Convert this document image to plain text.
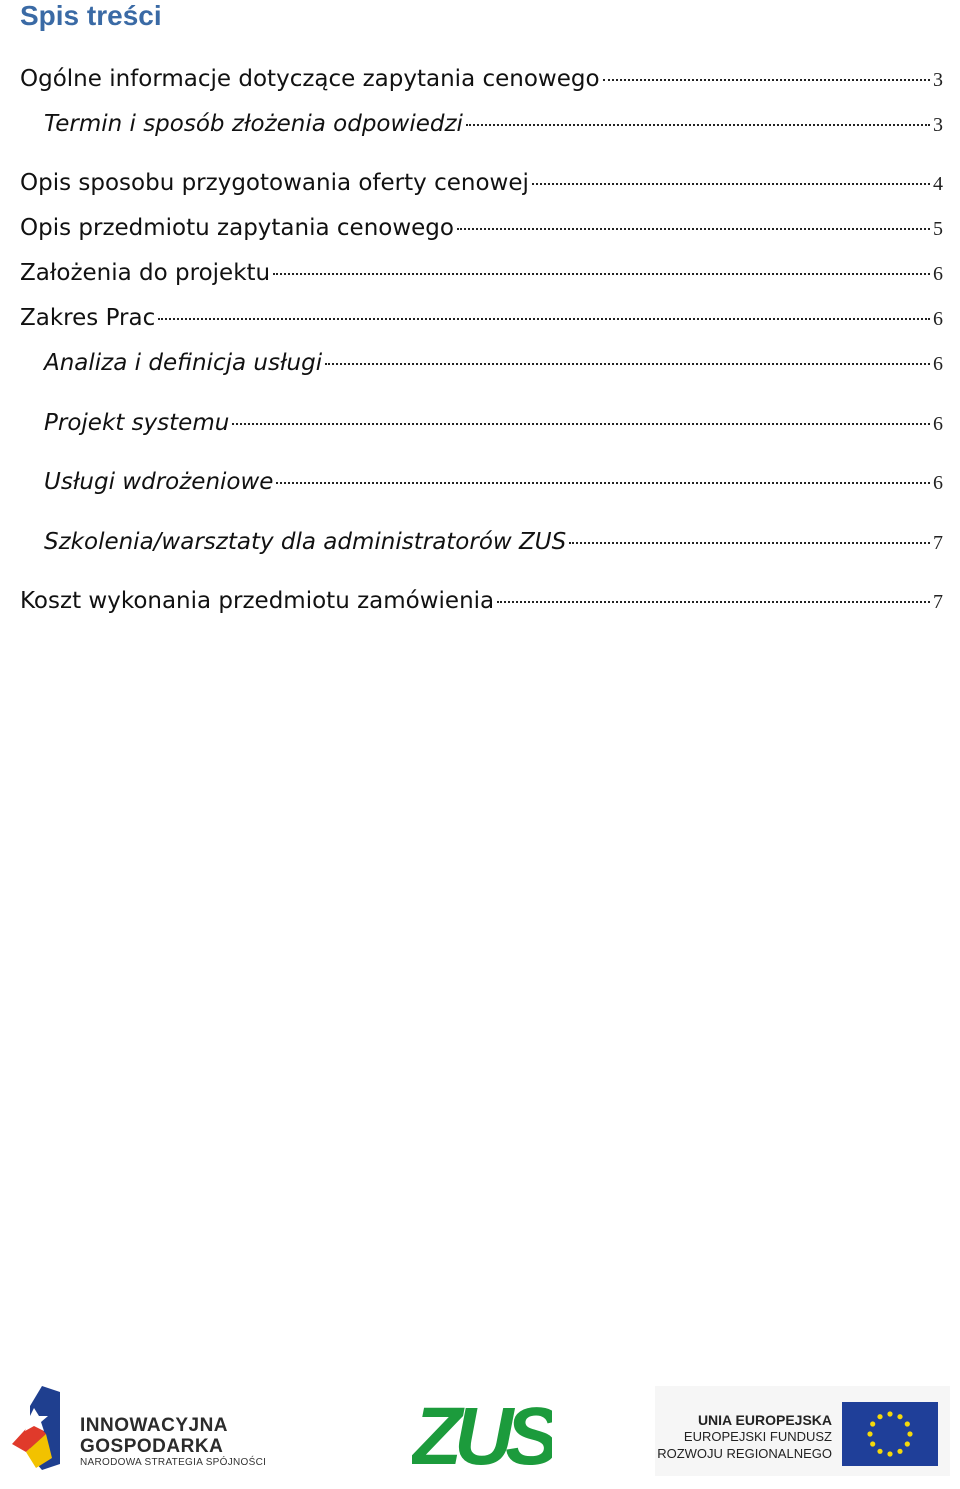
Spis treści
Ogólne informacje dotyczące zapytania cenowego	3
Termin i sposób złożenia odpowiedzi	3
Opis sposobu przygotowania oferty cenowej	4
Opis przedmiotu zapytania cenowego	5
Założenia do projektu	6
Zakres Prac	6
Analiza i definicja usługi	6
Projekt systemu	6
Usługi wdrożeniowe	6
Szkolenia/warsztaty dla administratorów ZUS	7
Koszt wykonania przedmiotu zamówienia	7
INNOWACYJNA
GOSPODARKA
NARODOWA STRATEGIA SPÓJNOŚCI ZUS	UNIA EUROPEJSKA
EUROPEJSKI FUNDUSZ
ROZWOJU REGIONALNEGO
